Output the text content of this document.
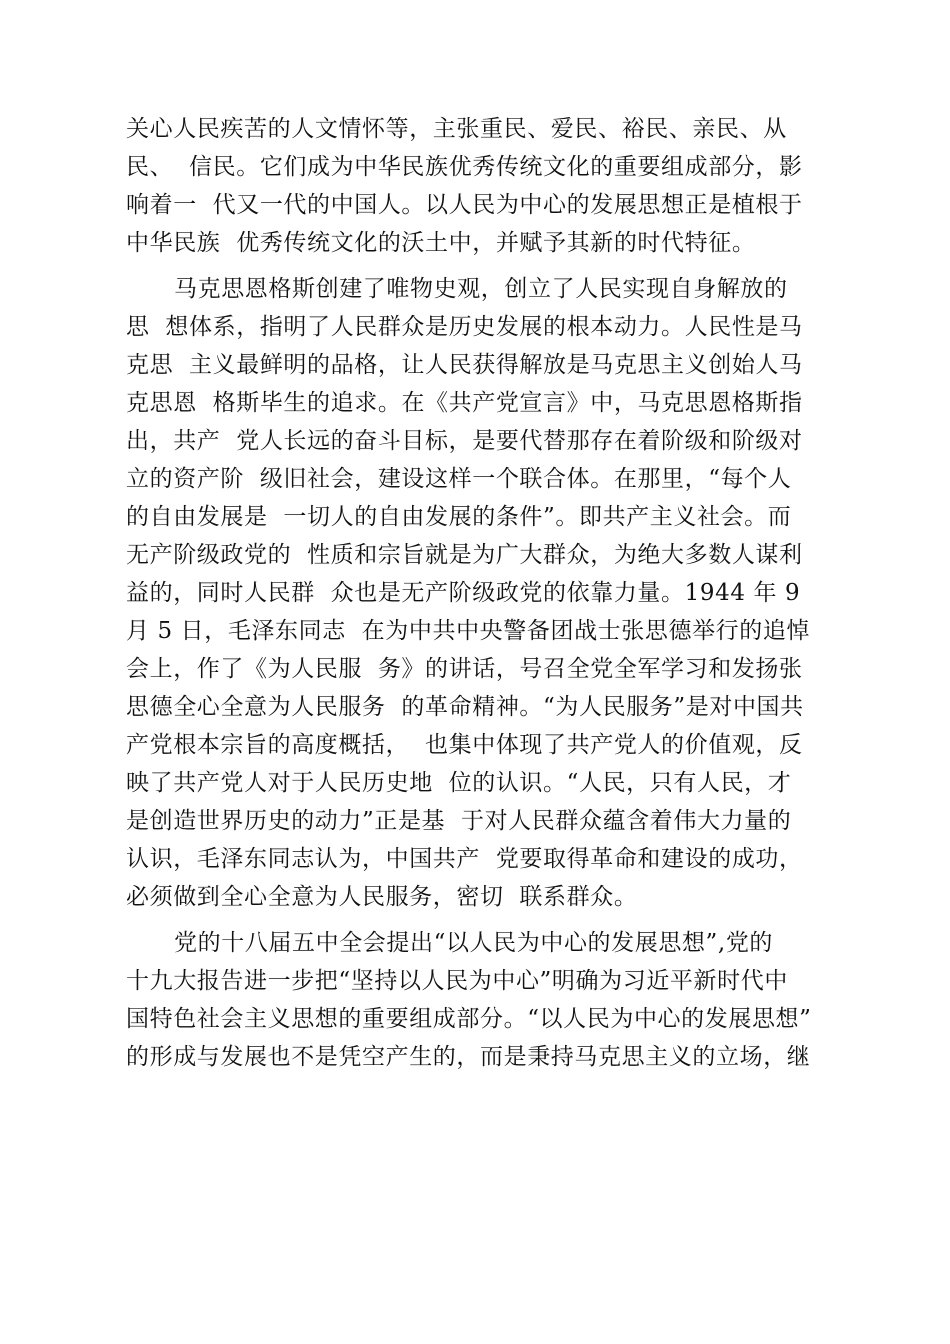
关心人民疾苦的人文情怀等，主张重民、爱民、裕民、亲民、从
民、  信民。它们成为中华民族优秀传统文化的重要组成部分，影
响着一  代又一代的中国人。以人民为中心的发展思想正是植根于
中华民族  优秀传统文化的沃土中，并赋予其新的时代特征。
马克思恩格斯创建了唯物史观，创立了人民实现自身解放的
思  想体系，指明了人民群众是历史发展的根本动力。人民性是马
克思  主义最鲜明的品格，让人民获得解放是马克思主义创始人马
克思恩  格斯毕生的追求。在《共产党宣言》中，马克思恩格斯指
出，共产  党人长远的奋斗目标，是要代替那存在着阶级和阶级对
立的资产阶  级旧社会，建设这样一个联合体。在那里，“每个人
的自由发展是  一切人的自由发展的条件”。即共产主义社会。而
无产阶级政党的  性质和宗旨就是为广大群众，为绝大多数人谋利
益的，同时人民群  众也是无产阶级政党的依靠力量。1944 年 9
月 5 日，毛泽东同志  在为中共中央警备团战士张思德举行的追悼
会上，作了《为人民服  务》的讲话，号召全党全军学习和发扬张
思德全心全意为人民服务  的革命精神。“为人民服务”是对中国共
产党根本宗旨的高度概括，  也集中体现了共产党人的价值观，反
映了共产党人对于人民历史地  位的认识。“人民，只有人民，才
是创造世界历史的动力”正是基  于对人民群众蕴含着伟大力量的
认识，毛泽东同志认为，中国共产  党要取得革命和建设的成功，
必须做到全心全意为人民服务，密切  联系群众。
党的十八届五中全会提出“以人民为中心的发展思想”,党的
十九大报告进一步把“坚持以人民为中心”明确为习近平新时代中
国特色社会主义思想的重要组成部分。“以人民为中心的发展思想”
的形成与发展也不是凭空产生的，而是秉持马克思主义的立场，继
